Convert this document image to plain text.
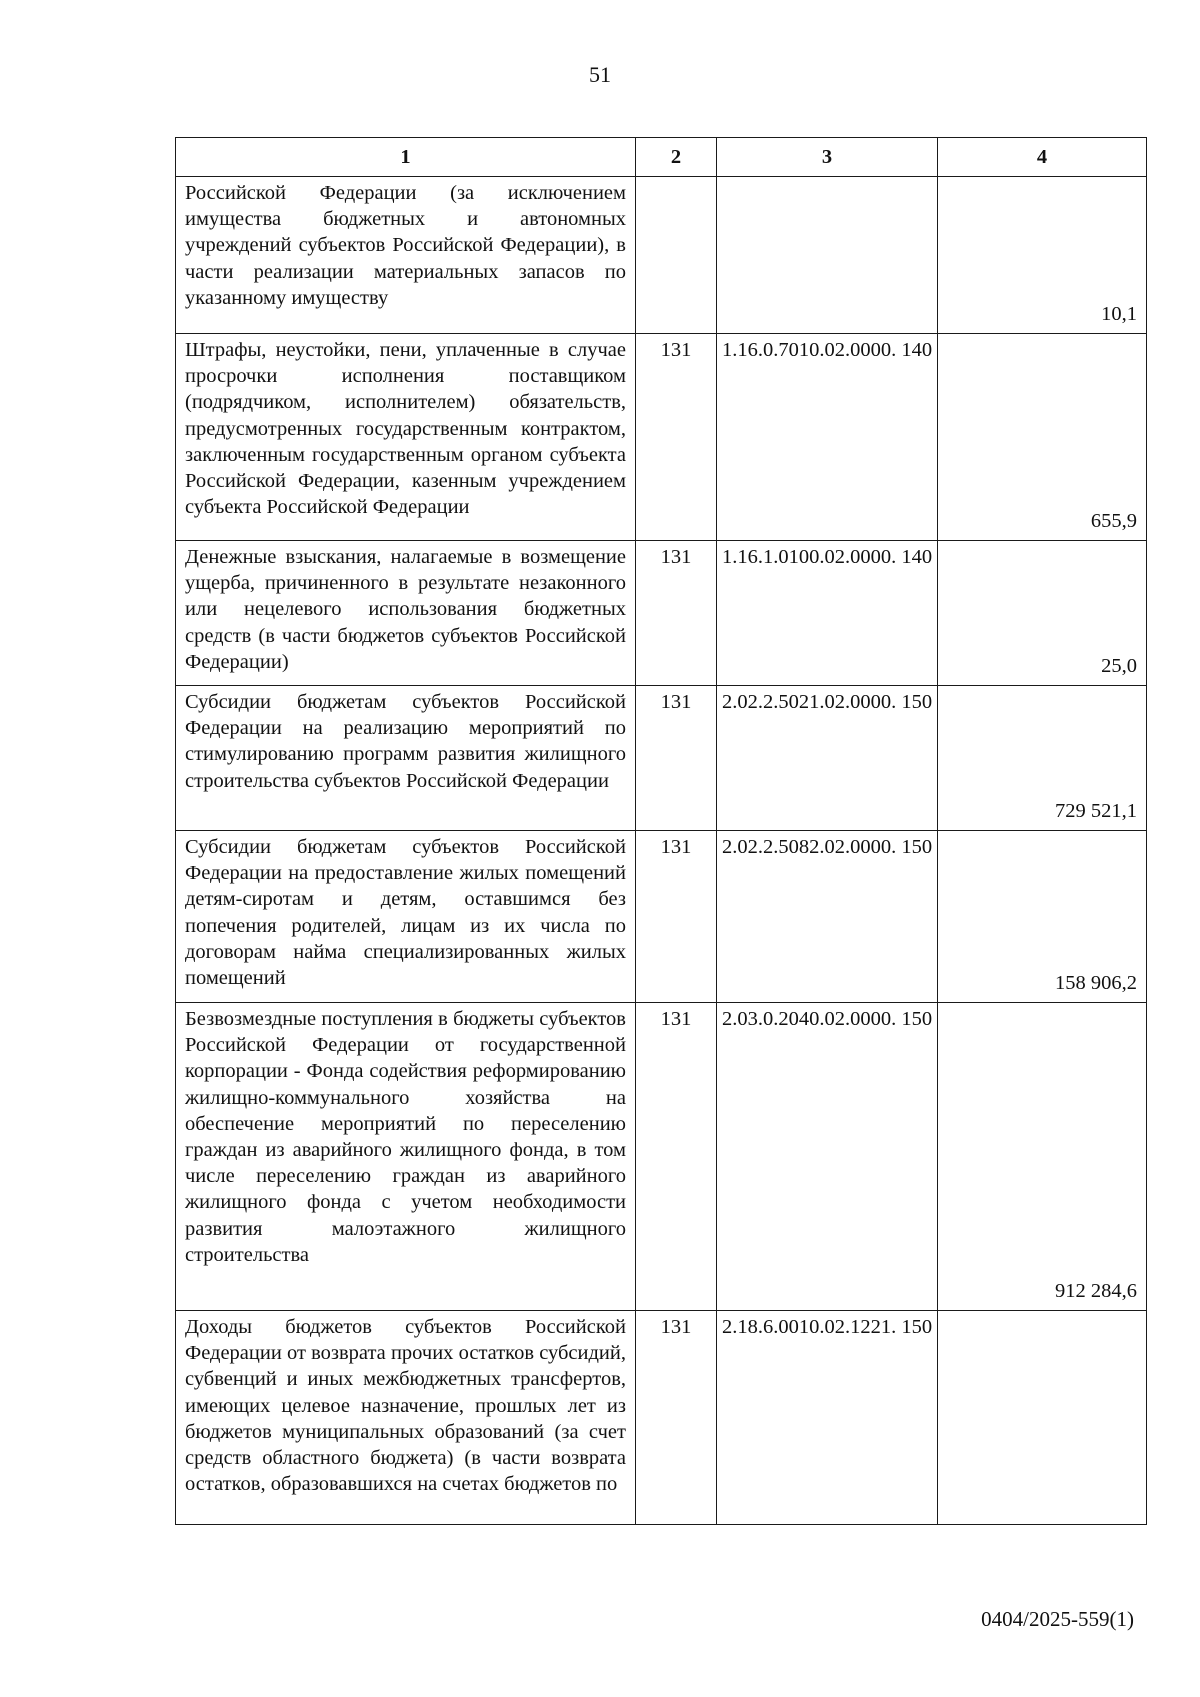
51
1	2	3	4
Российской Федерации (за исключением имущества бюджетных и автономных учреждений субъектов Российской Федерации), в части реализации материальных запасов по указанному имуществу			10,1
Штрафы, неустойки, пени, уплаченные в случае просрочки исполнения поставщиком (подрядчиком, исполнителем) обязательств, предусмотренных государственным контрактом, заключенным государственным органом субъекта Российской Федерации, казенным учреждением субъекта Российской Федерации	131	1.16.0.7010.02.0000. 140	655,9
Денежные взыскания, налагаемые в возмещение ущерба, причиненного в результате незаконного или нецелевого использования бюджетных средств (в части бюджетов субъектов Российской Федерации)	131	1.16.1.0100.02.0000. 140	25,0
Субсидии бюджетам субъектов Российской Федерации на реализацию мероприятий по стимулированию программ развития жилищного строительства субъектов Российской Федерации	131	2.02.2.5021.02.0000. 150	729 521,1
Субсидии бюджетам субъектов Российской Федерации на предоставление жилых помещений детям-сиротам и детям, оставшимся без попечения родителей, лицам из их числа по договорам найма специализированных жилых помещений	131	2.02.2.5082.02.0000. 150	158 906,2
Безвозмездные поступления в бюджеты субъектов Российской Федерации от государственной корпорации - Фонда содействия реформированию жилищно-коммунального хозяйства на обеспечение мероприятий по переселению граждан из аварийного жилищного фонда, в том числе переселению граждан из аварийного жилищного фонда с учетом необходимости развития малоэтажного жилищного строительства	131	2.03.0.2040.02.0000. 150	912 284,6
Доходы бюджетов субъектов Российской Федерации от возврата прочих остатков субсидий, субвенций и иных межбюджетных трансфертов, имеющих целевое назначение, прошлых лет из бюджетов муниципальных образований (за счет средств областного бюджета) (в части возврата остатков, образовавшихся на счетах бюджетов по	131	2.18.6.0010.02.1221. 150	
0404/2025-559(1)
